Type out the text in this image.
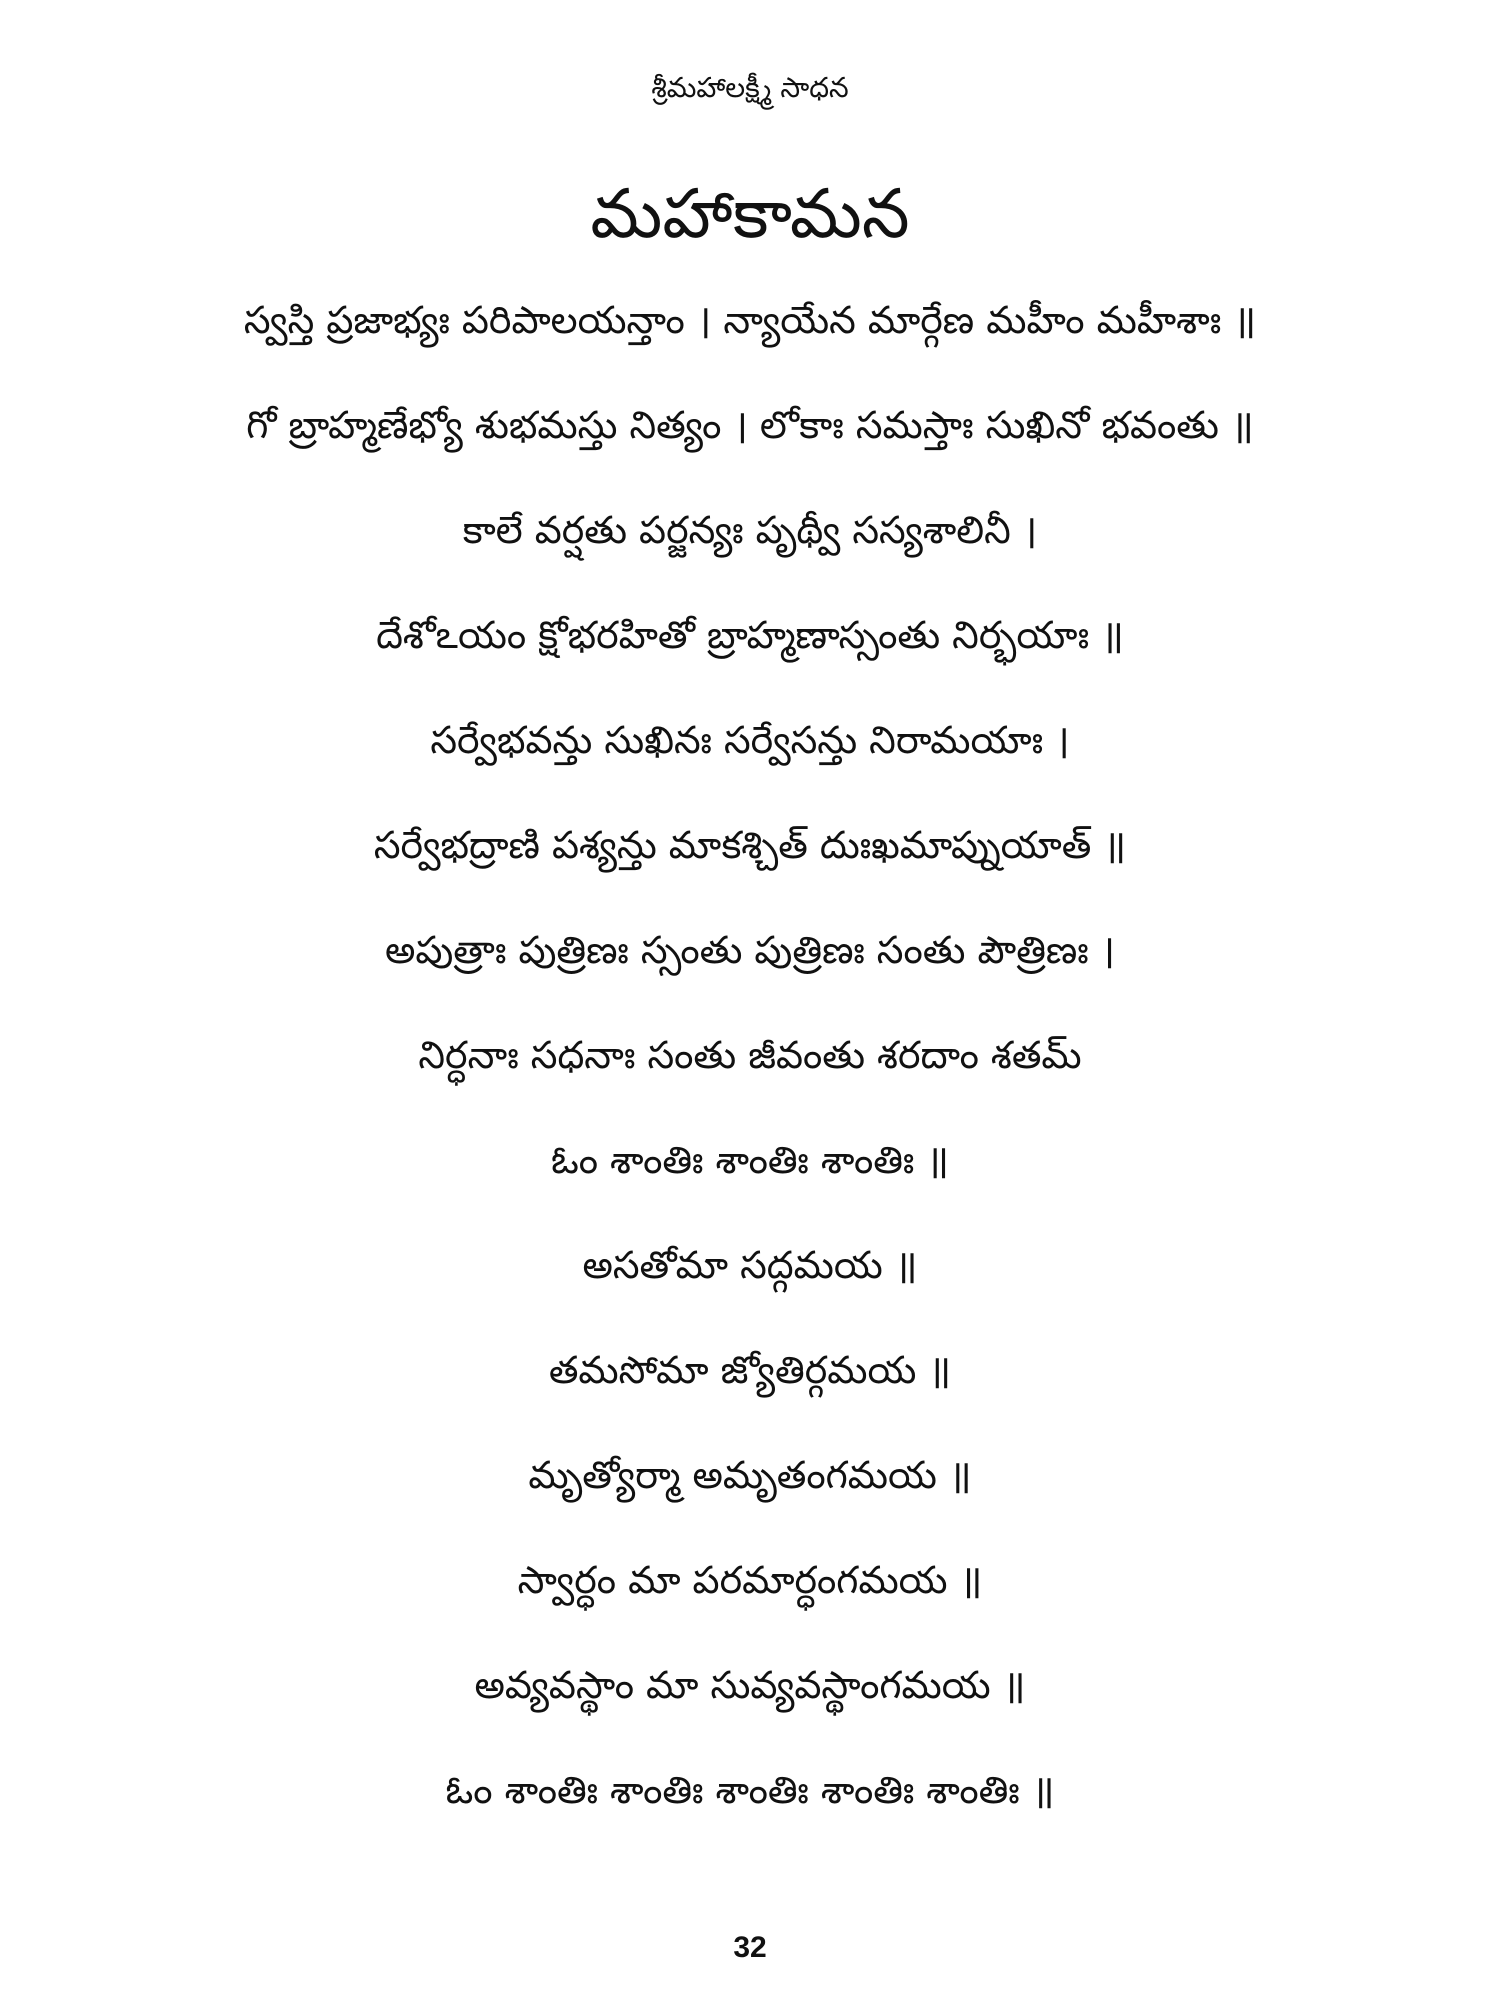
శ్రీమహాలక్ష్మీ సాధన
మహాకామన
స్వస్తి ప్రజాభ్యః పరిపాలయన్తాం । న్యాయేన మార్గేణ మహీం మహీశాః ॥
గో బ్రాహ్మణేభ్యో శుభమస్తు నిత్యం । లోకాః సమస్తాః సుఖినో భవంతు ॥
కాలే వర్షతు పర్జన్యః పృథ్వీ సస్యశాలినీ ।
దేశోఽయం క్షోభరహితో బ్రాహ్మణాస్సంతు నిర్భయాః ॥
సర్వేభవన్తు సుఖినః సర్వేసన్తు నిరామయాః ।
సర్వేభద్రాణి పశ్యన్తు మాకశ్చిత్ దుఃఖమాప్నుయాత్ ॥
అపుత్రాః పుత్రిణః స్సంతు పుత్రిణః సంతు పౌత్రిణః ।
నిర్ధనాః సధనాః సంతు జీవంతు శరదాం శతమ్
ఓం శాంతిః శాంతిః శాంతిః ॥
అసతోమా సద్గమయ ॥
తమసోమా జ్యోతిర్గమయ ॥
మృత్యోర్మా అమృతంగమయ ॥
స్వార్ధం మా పరమార్ధంగమయ ॥
అవ్యవస్థాం మా సువ్యవస్థాంగమయ ॥
ఓం శాంతిః శాంతిః శాంతిః శాంతిః శాంతిః ॥
32
